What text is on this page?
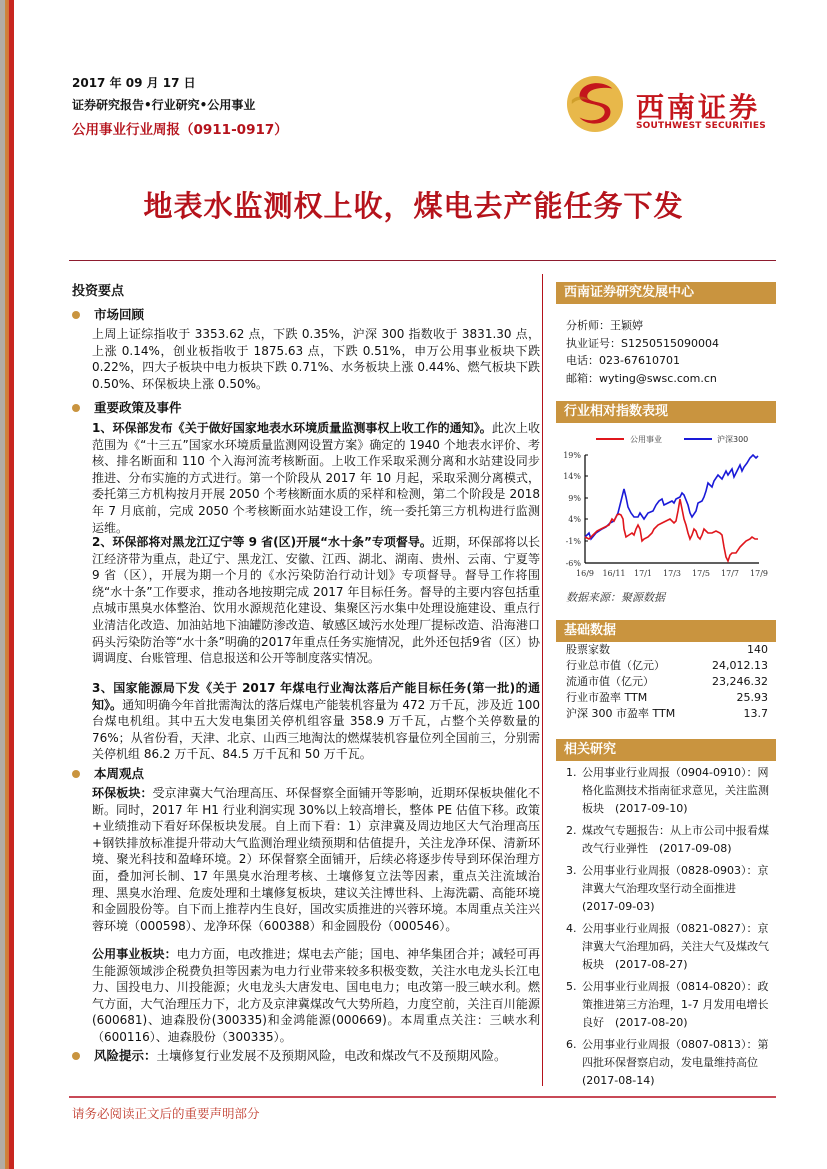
2017 年 09 月 17 日
证券研究报告•行业研究•公用事业
公用事业行业周报（0911-0917）
西南证券
SOUTHWEST SECURITIES
地表水监测权上收，煤电去产能任务下发
投资要点
市场回顾
上周上证综指收于 3353.62 点，下跌 0.35%，沪深 300 指数收于 3831.30 点，上涨 0.14%，创业板指收于 1875.63 点，下跌 0.51%，申万公用事业板块下跌 0.22%，四大子板块中电力板块下跌 0.71%、水务板块上涨 0.44%、燃气板块下跌 0.50%、环保板块上涨 0.50%。
重要政策及事件
1、环保部发布《关于做好国家地表水环境质量监测事权上收工作的通知》。此次上收范围为《“十三五”国家水环境质量监测网设置方案》确定的 1940 个地表水评价、考核、排名断面和 110 个入海河流考核断面。上收工作采取采测分离和水站建设同步推进、分布实施的方式进行。第一个阶段从 2017 年 10 月起，采取采测分离模式，委托第三方机构按月开展 2050 个考核断面水质的采样和检测，第二个阶段是 2018 年 7 月底前，完成 2050 个考核断面水站建设工作，统一委托第三方机构进行监测运维。
2、环保部将对黑龙江辽宁等 9 省(区)开展“水十条”专项督导。近期，环保部将以长江经济带为重点，赴辽宁、黑龙江、安徽、江西、湖北、湖南、贵州、云南、宁夏等 9 省（区），开展为期一个月的《水污染防治行动计划》专项督导。督导工作将围绕“水十条”工作要求，推动各地按期完成 2017 年目标任务。督导的主要内容包括重点城市黑臭水体整治、饮用水源规范化建设、集聚区污水集中处理设施建设、重点行业清洁化改造、加油站地下油罐防渗改造、敏感区域污水处理厂提标改造、沿海港口码头污染防治等“水十条”明确的2017年重点任务实施情况，此外还包括9省（区）协调调度、台账管理、信息报送和公开等制度落实情况。
3、国家能源局下发《关于 2017 年煤电行业淘汰落后产能目标任务(第一批)的通知》。通知明确今年首批需淘汰的落后煤电产能装机容量为 472 万千瓦，涉及近 100 台煤电机组。其中五大发电集团关停机组容量 358.9 万千瓦，占整个关停数量的 76%；从省份看，天津、北京、山西三地淘汰的燃煤装机容量位列全国前三，分别需关停机组 86.2 万千瓦、84.5 万千瓦和 50 万千瓦。
本周观点
环保板块：受京津冀大气治理高压、环保督察全面铺开等影响，近期环保板块催化不断。同时，2017 年 H1 行业利润实现 30%以上较高增长，整体 PE 估值下移。政策+业绩推动下看好环保板块发展。自上而下看：1）京津冀及周边地区大气治理高压+钢铁排放标准提升带动大气监测治理业绩预期和估值提升，关注龙净环保、清新环境、聚光科技和盈峰环境。2）环保督察全面铺开，后续必将逐步传导到环保治理方面，叠加河长制、17 年黑臭水治理考核、土壤修复立法等因素，重点关注流域治理、黑臭水治理、危废处理和土壤修复板块，建议关注博世科、上海洗霸、高能环境和金圆股份等。自下而上推荐内生良好，国改实质推进的兴蓉环境。本周重点关注兴蓉环境（000598）、龙净环保（600388）和金圆股份（000546）。
公用事业板块：电力方面，电改推进；煤电去产能；国电、神华集团合并；减轻可再生能源领域涉企税费负担等因素为电力行业带来较多积极变数，关注水电龙头长江电力、国投电力、川投能源；火电龙头大唐发电、国电电力；电改第一股三峡水利。燃气方面，大气治理压力下，北方及京津冀煤改气大势所趋，力度空前，关注百川能源(600681)、迪森股份(300335)和金鸿能源(000669)。本周重点关注：三峡水利（600116）、迪森股份（300335）。
风险提示：土壤修复行业发展不及预期风险，电改和煤改气不及预期风险。
西南证券研究发展中心
分析师：王颖婷
执业证号：S1250515090004
电话：023-67610701
邮箱：wyting@swsc.com.cn
行业相对指数表现
公用事业	沪深300
19%
14%
9%
4%
-1%
-6%
16/9 16/11 17/1 17/3 17/5 17/7 17/9
数据来源：聚源数据
基础数据
股票家数	140
行业总市值（亿元）	24,012.13
流通市值（亿元）	23,246.32
行业市盈率 TTM	25.93
沪深 300 市盈率 TTM	13.7
相关研究
1. 公用事业行业周报（0904-0910）：网格化监测技术指南征求意见，关注监测板块　(2017-09-10)
2. 煤改气专题报告：从上市公司中报看煤改气行业弹性　(2017-09-08)
3. 公用事业行业周报（0828-0903）：京津冀大气治理攻坚行动全面推进 (2017-09-03)
4. 公用事业行业周报（0821-0827）：京津冀大气治理加码，关注大气及煤改气板块　(2017-08-27)
5. 公用事业行业周报（0814-0820）：政策推进第三方治理，1-7 月发用电增长良好　(2017-08-20)
6. 公用事业行业周报（0807-0813）：第四批环保督察启动，发电量维持高位 (2017-08-14)
请务必阅读正文后的重要声明部分
